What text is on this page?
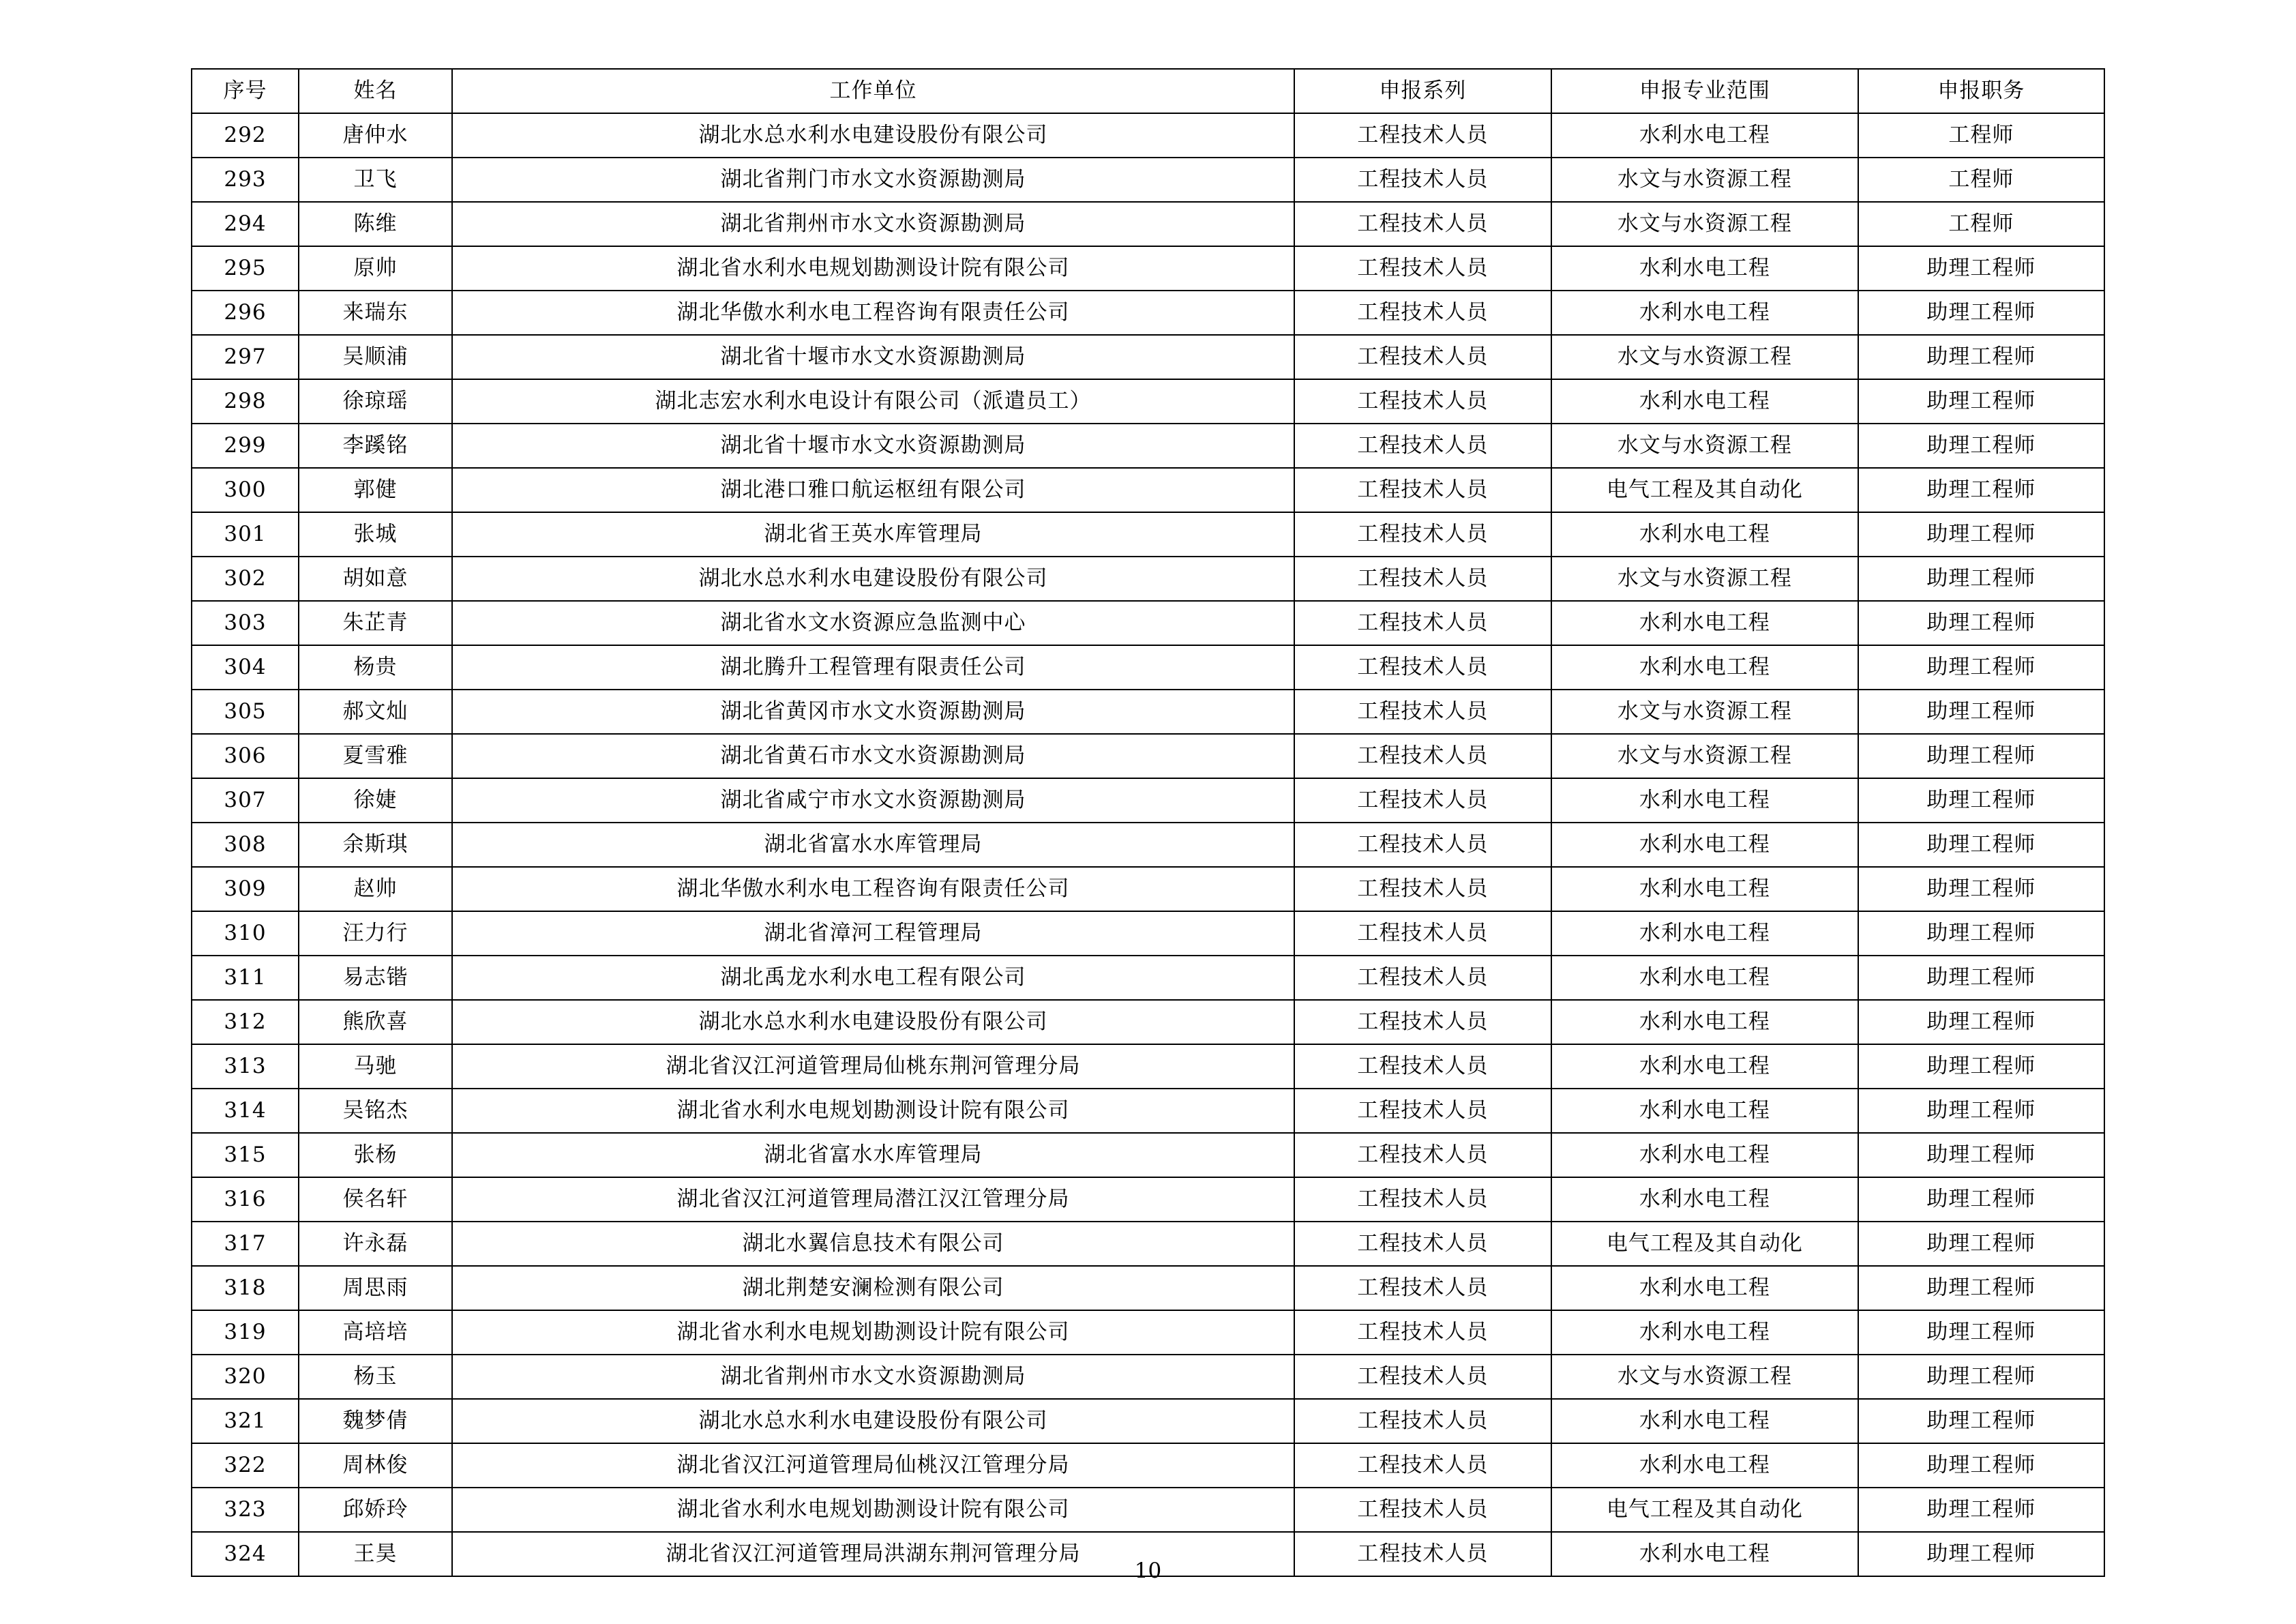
序号	姓名	工作单位	申报系列	申报专业范围	申报职务
292	唐仲水	湖北水总水利水电建设股份有限公司	工程技术人员	水利水电工程	工程师
293	卫飞	湖北省荆门市水文水资源勘测局	工程技术人员	水文与水资源工程	工程师
294	陈维	湖北省荆州市水文水资源勘测局	工程技术人员	水文与水资源工程	工程师
295	原帅	湖北省水利水电规划勘测设计院有限公司	工程技术人员	水利水电工程	助理工程师
296	来瑞东	湖北华傲水利水电工程咨询有限责任公司	工程技术人员	水利水电工程	助理工程师
297	吴顺浦	湖北省十堰市水文水资源勘测局	工程技术人员	水文与水资源工程	助理工程师
298	徐琼瑶	湖北志宏水利水电设计有限公司（派遣员工）	工程技术人员	水利水电工程	助理工程师
299	李蹊铭	湖北省十堰市水文水资源勘测局	工程技术人员	水文与水资源工程	助理工程师
300	郭健	湖北港口雅口航运枢纽有限公司	工程技术人员	电气工程及其自动化	助理工程师
301	张城	湖北省王英水库管理局	工程技术人员	水利水电工程	助理工程师
302	胡如意	湖北水总水利水电建设股份有限公司	工程技术人员	水文与水资源工程	助理工程师
303	朱芷青	湖北省水文水资源应急监测中心	工程技术人员	水利水电工程	助理工程师
304	杨贵	湖北腾升工程管理有限责任公司	工程技术人员	水利水电工程	助理工程师
305	郝文灿	湖北省黄冈市水文水资源勘测局	工程技术人员	水文与水资源工程	助理工程师
306	夏雪雅	湖北省黄石市水文水资源勘测局	工程技术人员	水文与水资源工程	助理工程师
307	徐婕	湖北省咸宁市水文水资源勘测局	工程技术人员	水利水电工程	助理工程师
308	余斯琪	湖北省富水水库管理局	工程技术人员	水利水电工程	助理工程师
309	赵帅	湖北华傲水利水电工程咨询有限责任公司	工程技术人员	水利水电工程	助理工程师
310	汪力行	湖北省漳河工程管理局	工程技术人员	水利水电工程	助理工程师
311	易志锴	湖北禹龙水利水电工程有限公司	工程技术人员	水利水电工程	助理工程师
312	熊欣喜	湖北水总水利水电建设股份有限公司	工程技术人员	水利水电工程	助理工程师
313	马驰	湖北省汉江河道管理局仙桃东荆河管理分局	工程技术人员	水利水电工程	助理工程师
314	吴铭杰	湖北省水利水电规划勘测设计院有限公司	工程技术人员	水利水电工程	助理工程师
315	张杨	湖北省富水水库管理局	工程技术人员	水利水电工程	助理工程师
316	侯名轩	湖北省汉江河道管理局潜江汉江管理分局	工程技术人员	水利水电工程	助理工程师
317	许永磊	湖北水翼信息技术有限公司	工程技术人员	电气工程及其自动化	助理工程师
318	周思雨	湖北荆楚安澜检测有限公司	工程技术人员	水利水电工程	助理工程师
319	高培培	湖北省水利水电规划勘测设计院有限公司	工程技术人员	水利水电工程	助理工程师
320	杨玉	湖北省荆州市水文水资源勘测局	工程技术人员	水文与水资源工程	助理工程师
321	魏梦倩	湖北水总水利水电建设股份有限公司	工程技术人员	水利水电工程	助理工程师
322	周林俊	湖北省汉江河道管理局仙桃汉江管理分局	工程技术人员	水利水电工程	助理工程师
323	邱娇玲	湖北省水利水电规划勘测设计院有限公司	工程技术人员	电气工程及其自动化	助理工程师
324	王昊	湖北省汉江河道管理局洪湖东荆河管理分局	工程技术人员	水利水电工程	助理工程师
10
